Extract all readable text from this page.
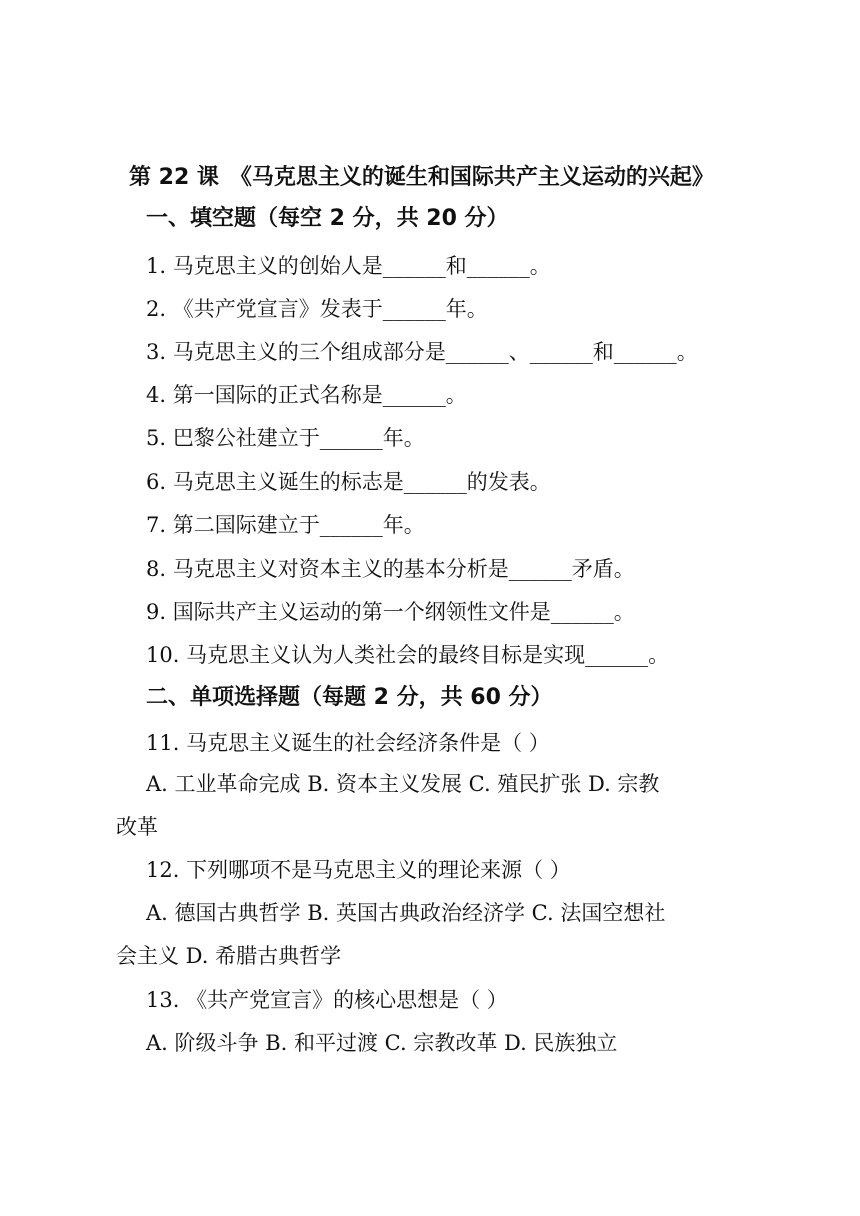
第 22 课　《马克思主义的诞生和国际共产主义运动的兴起》
一、填空题（每空 2 分，共 20 分）
1. 马克思主义的创始人是______和______。
2. 《共产党宣言》发表于______年。
3. 马克思主义的三个组成部分是______、______和______。
4. 第一国际的正式名称是______。
5. 巴黎公社建立于______年。
6. 马克思主义诞生的标志是______的发表。
7. 第二国际建立于______年。
8. 马克思主义对资本主义的基本分析是______矛盾。
9. 国际共产主义运动的第一个纲领性文件是______。
10. 马克思主义认为人类社会的最终目标是实现______。
二、单项选择题（每题 2 分，共 60 分）
11. 马克思主义诞生的社会经济条件是（ ）
A. 工业革命完成 B. 资本主义发展 C. 殖民扩张 D. 宗教
改革
12. 下列哪项不是马克思主义的理论来源（ ）
A. 德国古典哲学 B. 英国古典政治经济学 C. 法国空想社
会主义 D. 希腊古典哲学
13. 《共产党宣言》的核心思想是（ ）
A. 阶级斗争 B. 和平过渡 C. 宗教改革 D. 民族独立
